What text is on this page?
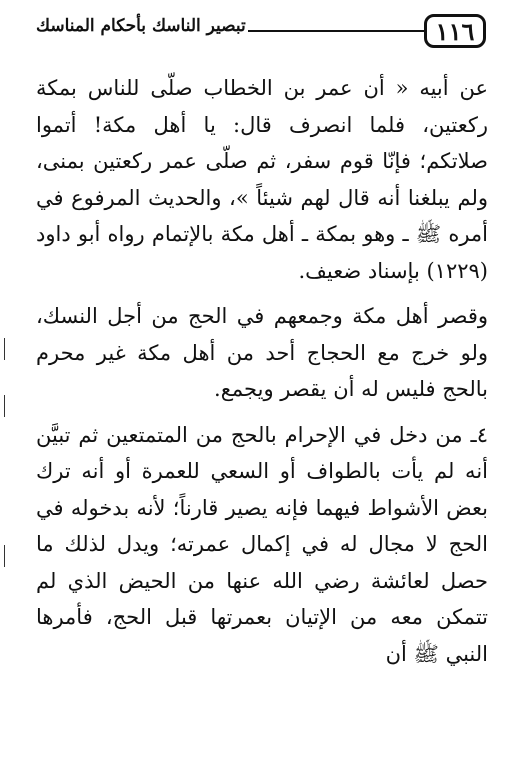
١١٦
تبصير الناسك بأحكام المناسك

عن أبيه « أن عمر بن الخطاب صلّى للناس بمكة ركعتين، فلما انصرف قال: يا أهل مكة! أتموا صلاتكم؛ فإنّا قوم سفر، ثم صلّى عمر ركعتين بمنى، ولم يبلغنا أنه قال لهم شيئاً »، والحديث المرفوع في أمره ﷺ ـ وهو بمكة ـ أهل مكة بالإتمام رواه أبو داود (١٢٢٩) بإسناد ضعيف.

وقصر أهل مكة وجمعهم في الحج من أجل النسك، ولو خرج مع الحجاج أحد من أهل مكة غير محرم بالحج فليس له أن يقصر ويجمع.

٤ـ من دخل في الإحرام بالحج من المتمتعين ثم تبيَّن أنه لم يأت بالطواف أو السعي للعمرة أو أنه ترك بعض الأشواط فيهما فإنه يصير قارناً؛ لأنه بدخوله في الحج لا مجال له في إكمال عمرته؛ ويدل لذلك ما حصل لعائشة رضي الله عنها من الحيض الذي لم تتمكن معه من الإتيان بعمرتها قبل الحج، فأمرها النبي ﷺ أن
